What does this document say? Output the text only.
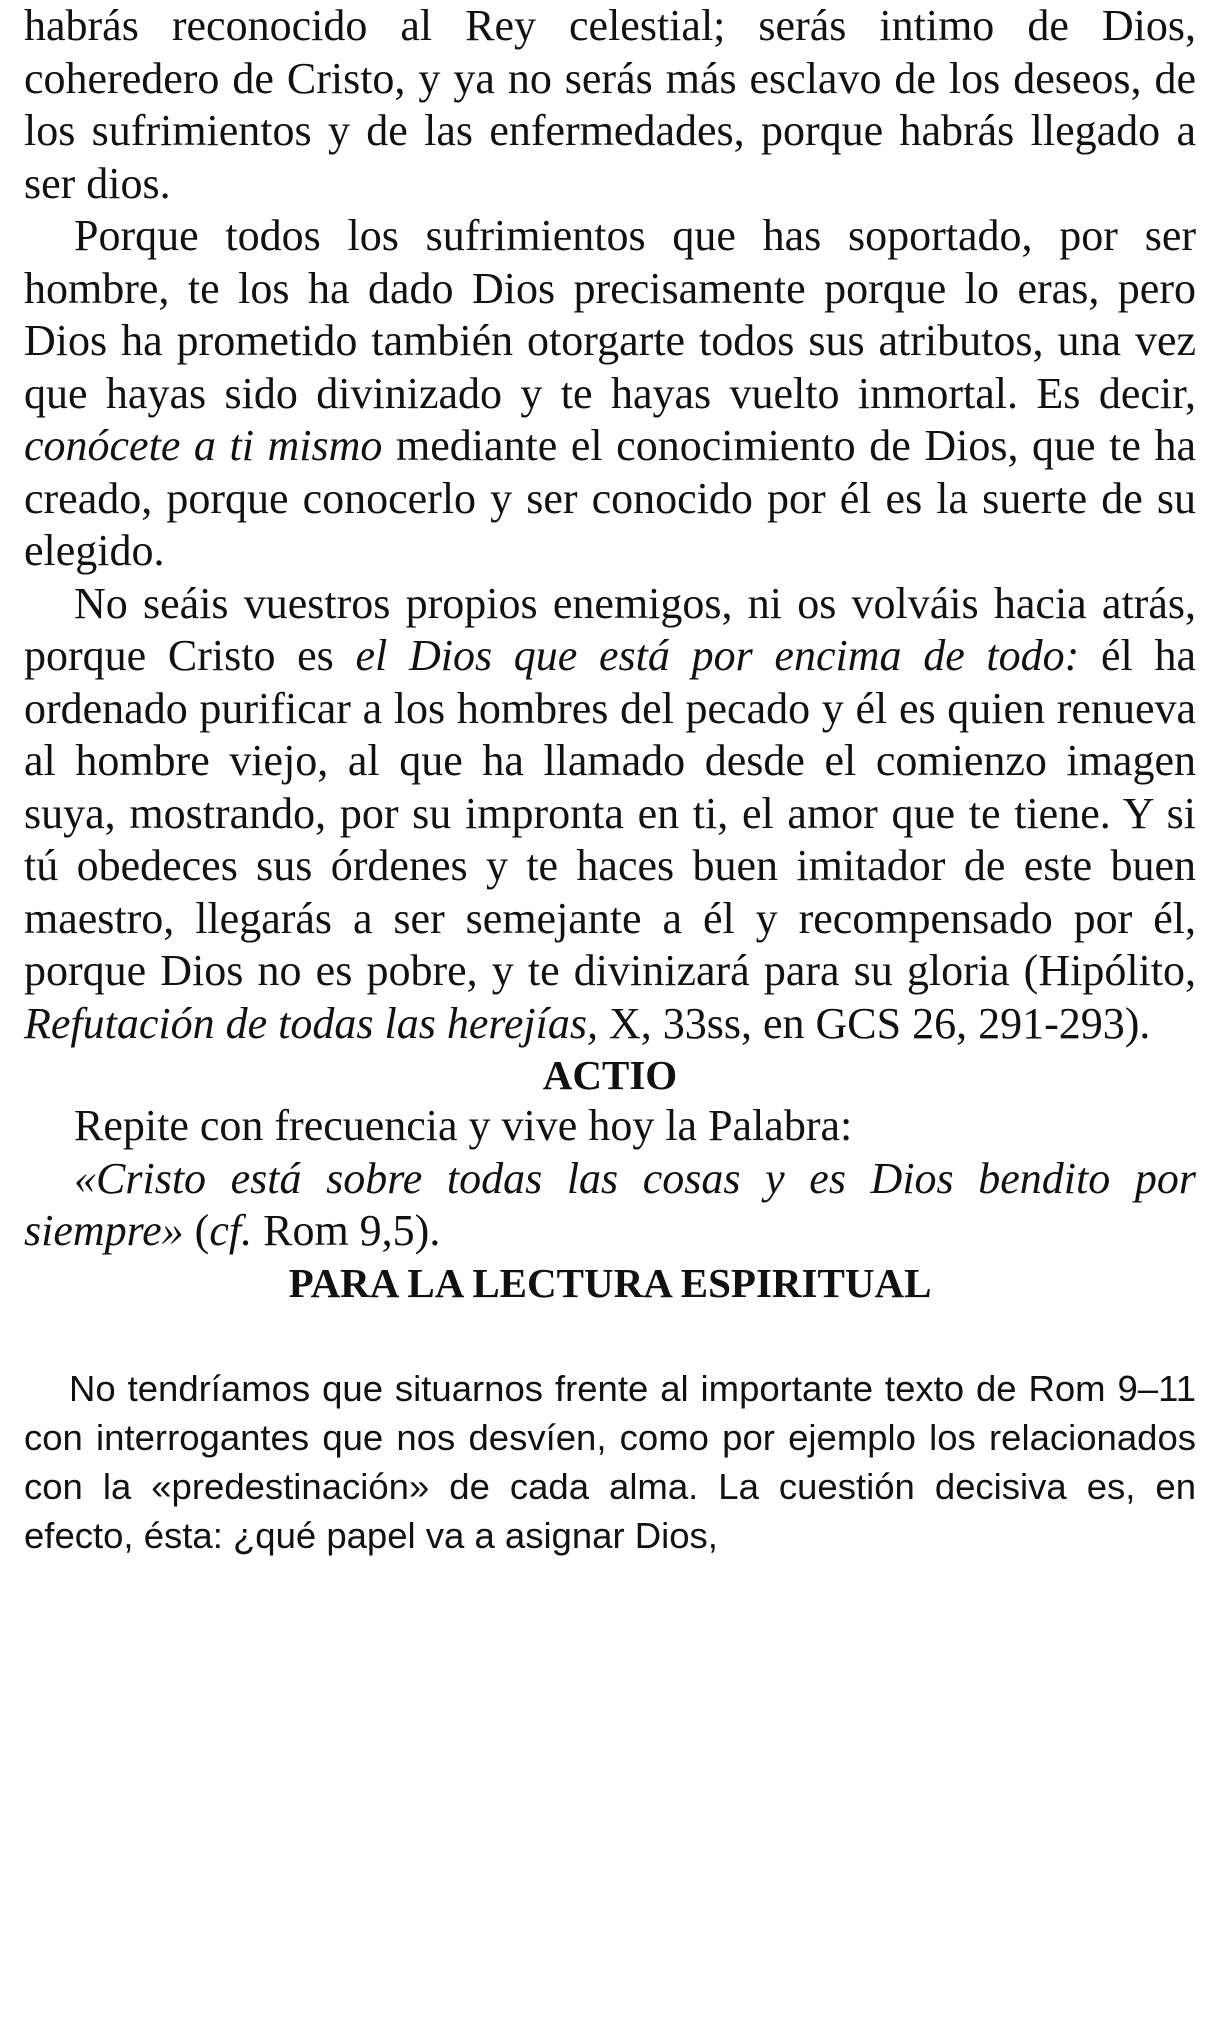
habrás reconocido al Rey celestial; serás intimo de Dios, coheredero de Cristo, y ya no serás más esclavo de los deseos, de los sufrimientos y de las enfermedades, porque habrás llegado a ser dios.

Porque todos los sufrimientos que has soportado, por ser hombre, te los ha dado Dios precisamente porque lo eras, pero Dios ha prometido también otorgarte todos sus atributos, una vez que hayas sido divinizado y te hayas vuelto inmortal. Es decir, conócete a ti mismo mediante el conocimiento de Dios, que te ha creado, porque conocerlo y ser conocido por él es la suerte de su elegido.

No seáis vuestros propios enemigos, ni os volváis hacia atrás, porque Cristo es el Dios que está por encima de todo: él ha ordenado purificar a los hombres del pecado y él es quien renueva al hombre viejo, al que ha llamado desde el comienzo imagen suya, mostrando, por su impronta en ti, el amor que te tiene. Y si tú obedeces sus órdenes y te haces buen imitador de este buen maestro, llegarás a ser semejante a él y recompensado por él, porque Dios no es pobre, y te divinizará para su gloria (Hipólito, Refutación de todas las herejías, X, 33ss, en GCS 26, 291-293).

ACTIO

Repite con frecuencia y vive hoy la Palabra:

«Cristo está sobre todas las cosas y es Dios bendito por siempre» (cf. Rom 9,5).

PARA LA LECTURA ESPIRITUAL

No tendríamos que situarnos frente al importante texto de Rom 9–11 con interrogantes que nos desvíen, como por ejemplo los relacionados con la «predestinación» de cada alma. La cuestión decisiva es, en efecto, ésta: ¿qué papel va a asignar Dios,
